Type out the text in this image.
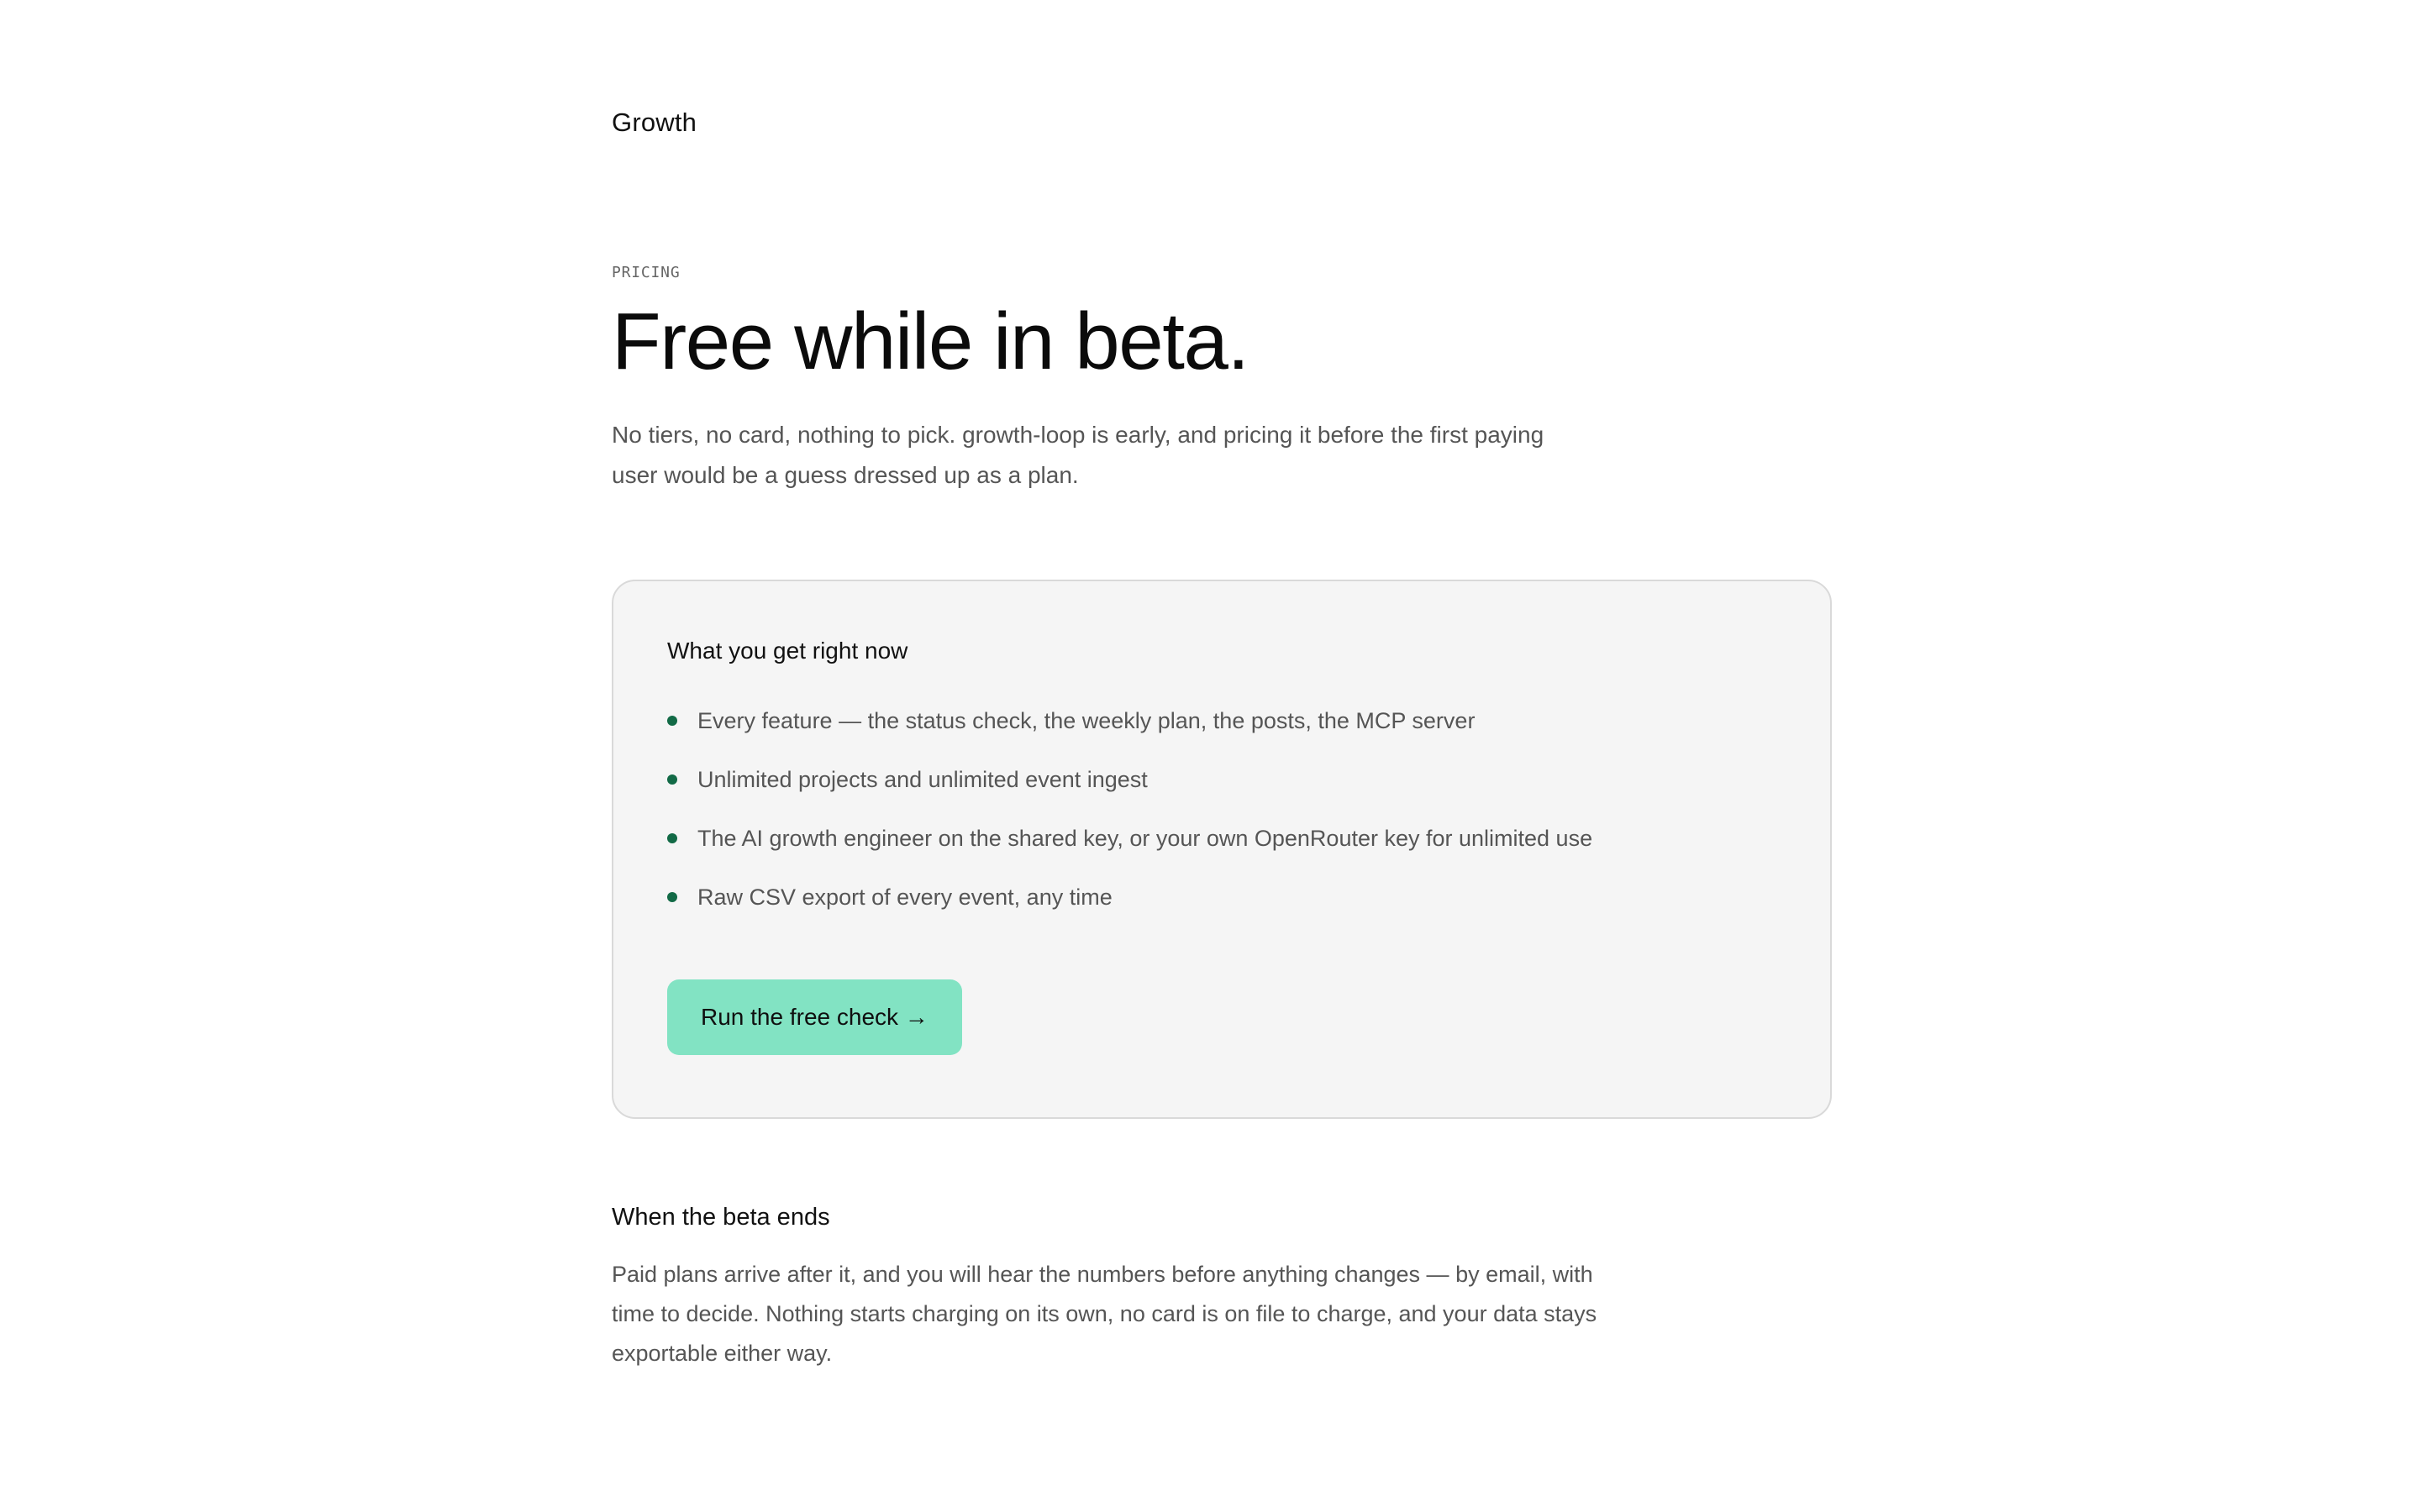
Growth
PRICING
Free while in beta.

No tiers, no card, nothing to pick. growth-loop is early, and pricing it before the first paying user would be a guess dressed up as a plan.

What you get right now
Every feature — the status check, the weekly plan, the posts, the MCP server
Unlimited projects and unlimited event ingest
The AI growth engineer on the shared key, or your own OpenRouter key for unlimited use
Raw CSV export of every event, any time
Run the free check →
When the beta ends

Paid plans arrive after it, and you will hear the numbers before anything changes — by email, with time to decide. Nothing starts charging on its own, no card is on file to charge, and your data stays exportable either way.
